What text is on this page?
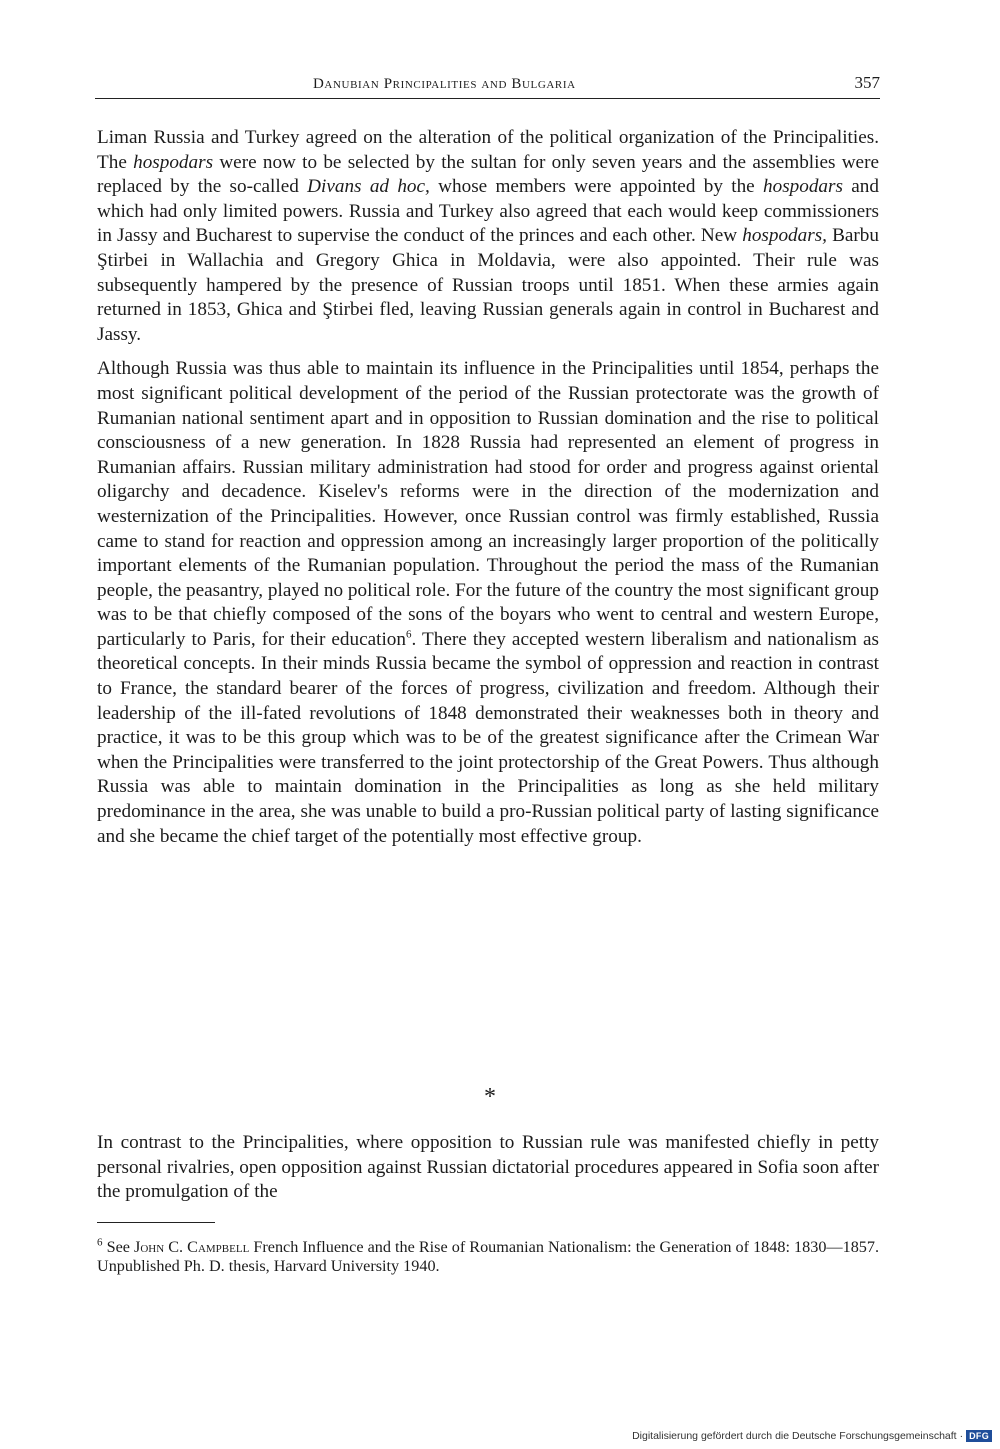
Danubian Principalities and Bulgaria	357

Liman Russia and Turkey agreed on the alteration of the political organization of the Principalities. The hospodars were now to be selected by the sultan for only seven years and the assemblies were replaced by the so-called Divans ad hoc, whose members were appointed by the hospodars and which had only limited powers. Russia and Turkey also agreed that each would keep commissioners in Jassy and Bucharest to supervise the conduct of the princes and each other. New hospodars, Barbu Ştirbei in Wallachia and Gregory Ghica in Moldavia, were also appointed. Their rule was subsequently hampered by the presence of Russian troops until 1851. When these armies again returned in 1853, Ghica and Ştirbei fled, leaving Russian generals again in control in Bucharest and Jassy.

Although Russia was thus able to maintain its influence in the Principalities until 1854, perhaps the most significant political development of the period of the Russian protectorate was the growth of Rumanian national sentiment apart and in opposition to Russian domination and the rise to political consciousness of a new generation. In 1828 Russia had represented an element of progress in Rumanian affairs. Russian military administration had stood for order and progress against oriental oligarchy and decadence. Kiselev's reforms were in the direction of the modernization and westernization of the Principalities. However, once Russian control was firmly established, Russia came to stand for reaction and oppression among an increasingly larger proportion of the politically important elements of the Rumanian population. Throughout the period the mass of the Rumanian people, the peasantry, played no political role. For the future of the country the most significant group was to be that chiefly composed of the sons of the boyars who went to central and western Europe, particularly to Paris, for their education$^6$. There they accepted western liberalism and nationalism as theoretical concepts. In their minds Russia became the symbol of oppression and reaction in contrast to France, the standard bearer of the forces of progress, civilization and freedom. Although their leadership of the ill-fated revolutions of 1848 demonstrated their weaknesses both in theory and practice, it was to be this group which was to be of the greatest significance after the Crimean War when the Principalities were transferred to the joint protectorship of the Great Powers. Thus although Russia was able to maintain domination in the Principalities as long as she held military predominance in the area, she was unable to build a pro-Russian political party of lasting significance and she became the chief target of the potentially most effective group.

*

In contrast to the Principalities, where opposition to Russian rule was manifested chiefly in petty personal rivalries, open opposition against Russian dictatorial procedures appeared in Sofia soon after the promulgation of the

$^6$ See John C. Campbell French Influence and the Rise of Roumanian Nationalism: the Generation of 1848: 1830—1857. Unpublished Ph. D. thesis, Harvard University 1940.
Digitalisierung gefördert durch die Deutsche Forschungsgemeinschaft · DFG
